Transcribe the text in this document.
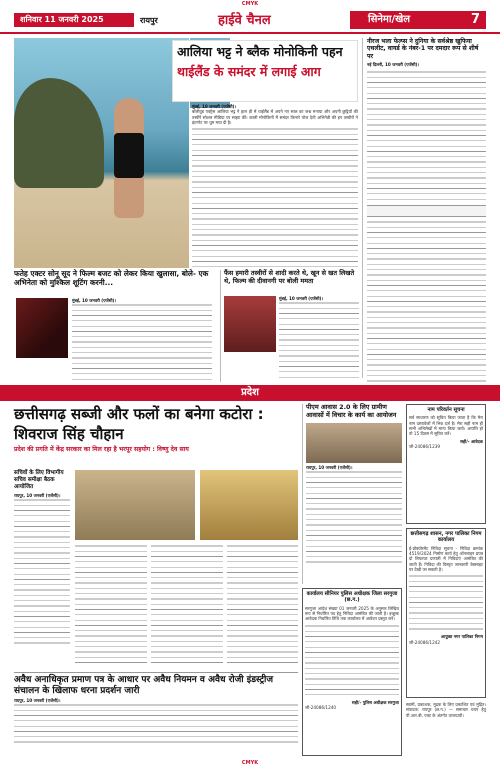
CMYK
शनिवार 11 जनवरी 2025	रायपुर	हाईवे चैनल	सिनेमा/खेल	7
आलिया भट्ट ने ब्लैक मोनोकिनी पहन
थाईलैंड के समंदर में लगाई आग
मुंबई, 10 जनवरी (एजेंसी)।
बॉलीवुड एक्ट्रेस आलिया भट्ट ने हाल ही में थाईलैंड में अपने नए साल का जश्न मनाया और अपनी छुट्टियों की तस्वीरें सोशल मीडिया पर साझा कीं। काली मोनोकिनी में समंदर किनारे पोज देती अभिनेत्री की इन तस्वीरों ने इंटरनेट पर धूम मचा दी है।
नीरज भला फेल्प्स ने दुनिया के सर्वश्रेष्ठ खुफिया एथलीट, वायर्ड के नंबर-1 पर दमदार रूप से शीर्ष पर
नई दिल्ली, 10 जनवरी (एजेंसी)।
फतेह एक्टर सोनू सूद ने फिल्म बजट को लेकर किया खुलासा, बोले- एक अभिनेता को मुश्किल शूटिंग करनी...
मुंबई, 10 जनवरी (एजेंसी)।
फैंस हमारी तस्वीरों से शादी करते थे, खून से खत लिखते थे, फिल्म की दीवानगी पर बोली ममता
मुंबई, 10 जनवरी (एजेंसी)।
प्रदेश
छत्तीसगढ़ सब्जी और फलों का बनेगा कटोरा : शिवराज सिंह चौहान
प्रदेश की प्रगति में केंद्र सरकार का मिल रहा है भरपूर सहयोग : विष्णु देव साय
सचिवों के लिए विभागीय सचिव समीक्षा बैठक आयोजित
रायपुर, 10 जनवरी (एजेंसी)।
पीएम आवास 2.0 के लिए ग्रामीण आवासों में विचार के कार्य का आयोजन
रायपुर, 10 जनवरी (एजेंसी)।
नाम परिवर्तन सूचना
सर्व साधारण को सूचित किया जाता है कि मेरा नाम दस्तावेजों में भिन्न दर्ज है। मेरा सही नाम ही सभी अभिलेखों में मान्य किया जावे। आपत्ति हो तो 15 दिवस में सूचित करें।
सही/- आवेदक
जी-24086/1239
छत्तीसगढ़ शासन, नगर पालिका निगम कार्यालय
ई-प्रोक्योरमेंट निविदा सूचना - निविदा क्रमांक 4519/2024 निर्माण कार्य हेतु ऑनलाइन प्रपत्र दो लिफाफा प्रणाली में निविदाएं आमंत्रित की जाती हैं। निविदा की विस्तृत जानकारी वेबसाइट पर देखी जा सकती है।
आयुक्त नगर पालिका निगम
जी-24086/1242
अवैध अनाधिकृत प्रमाण पत्र के आधार पर अवैध नियमन व अवैध रोजी इंडस्ट्रीज संचालन के खिलाफ धरना प्रदर्शन जारी
रायपुर, 10 जनवरी (एजेंसी)।
कार्यालय सीनियर पुलिस अधीक्षक जिला सरगुजा (छ.ग.)
सरगुजा आदेश संख्या 01 जनवरी 2025 के अनुसार लिखित रूप से निर्धारित पद हेतु निविदा आमंत्रित की जाती है। इच्छुक आवेदक निर्धारित तिथि तक कार्यालय में आवेदन प्रस्तुत करें।
सही/- पुलिस अधीक्षक सरगुजा
जी-24086/1240
स्वामी, प्रकाशक, मुद्रक के लिए प्रकाशित एवं मुद्रित। संपादक: रायपुर (छ.ग.) — समाचार चयन हेतु पी.आर.बी. एक्ट के अंतर्गत उत्तरदायी।
CMYK
